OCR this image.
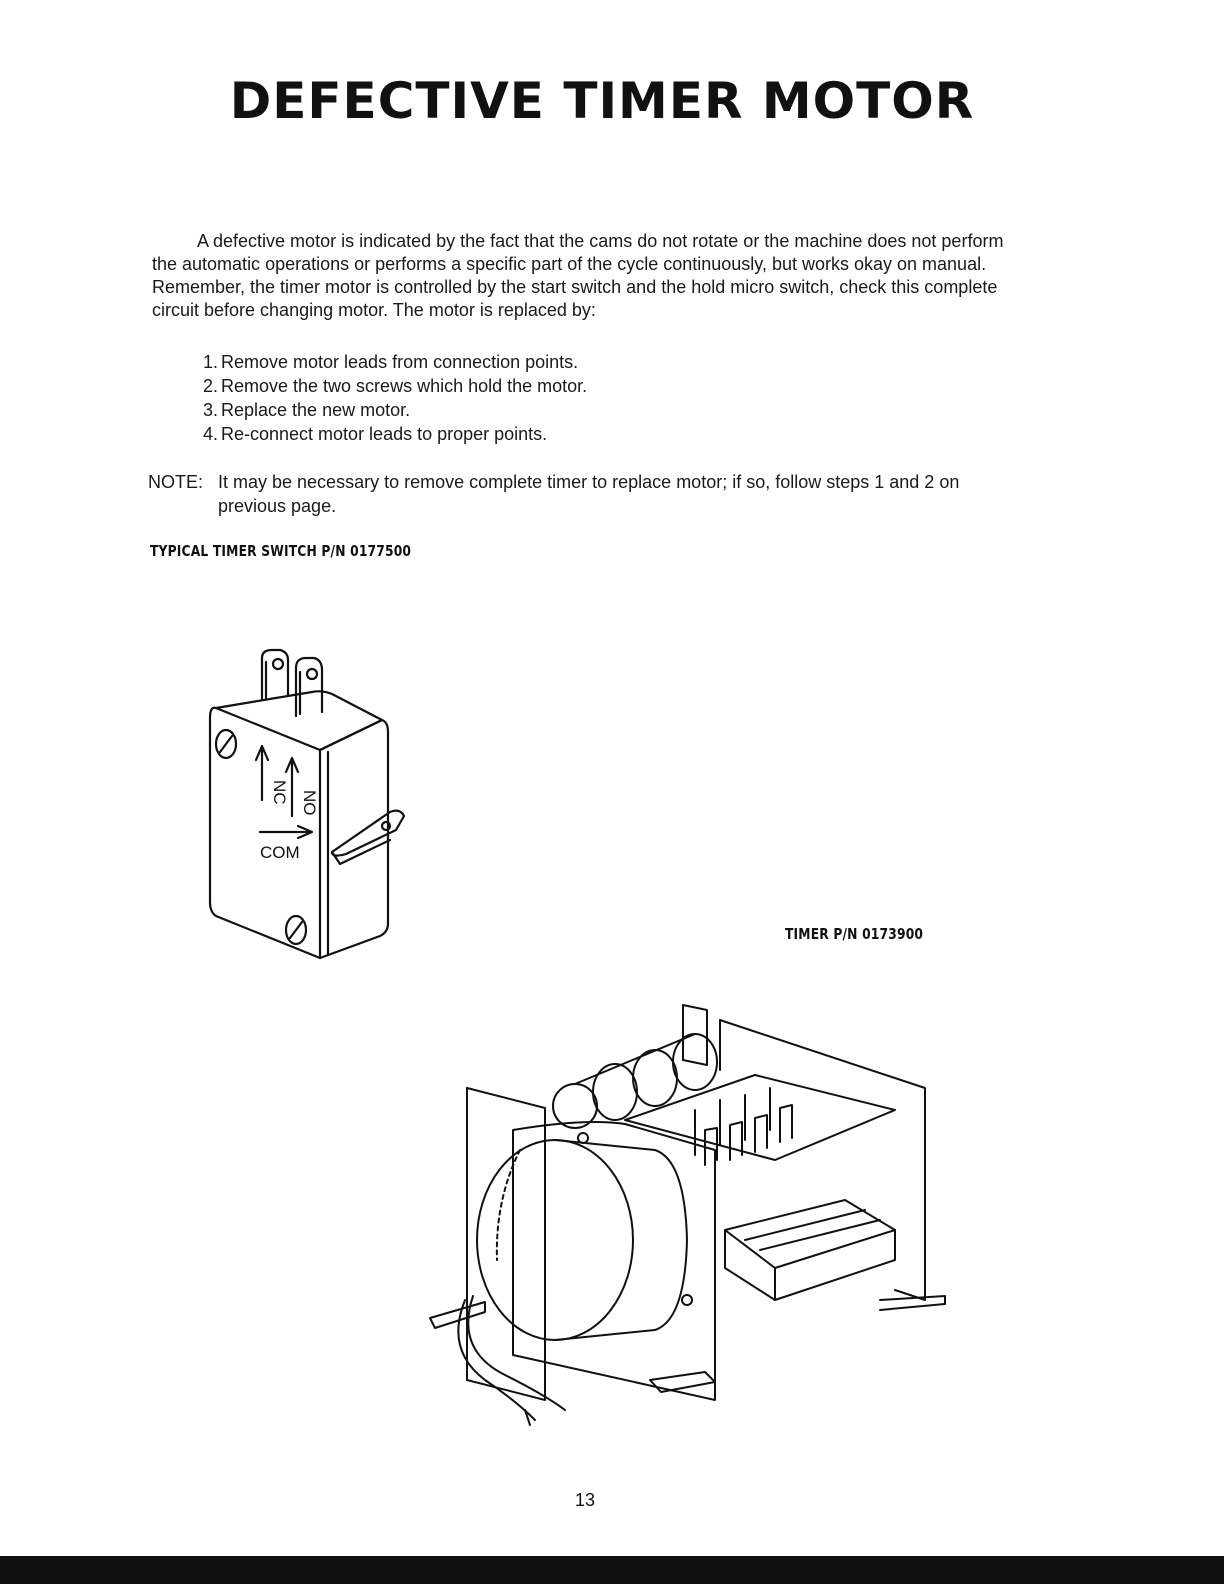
DEFECTIVE TIMER MOTOR

A defective motor is indicated by the fact that the cams do not rotate or the machine does not perform the automatic operations or performs a specific part of the cycle continuously, but works okay on manual. Remember, the timer motor is controlled by the start switch and the hold micro switch, check this complete circuit before changing motor. The motor is replaced by:

1. Remove motor leads from connection points.
2. Remove the two screws which hold the motor.
3. Replace the new motor.
4. Re-connect motor leads to proper points.
NOTE: It may be necessary to remove complete timer to replace motor; if so, follow steps 1 and 2 on previous page.
TYPICAL TIMER SWITCH P/N 0177500
NC NO
COM
TIMER P/N 0173900
13
